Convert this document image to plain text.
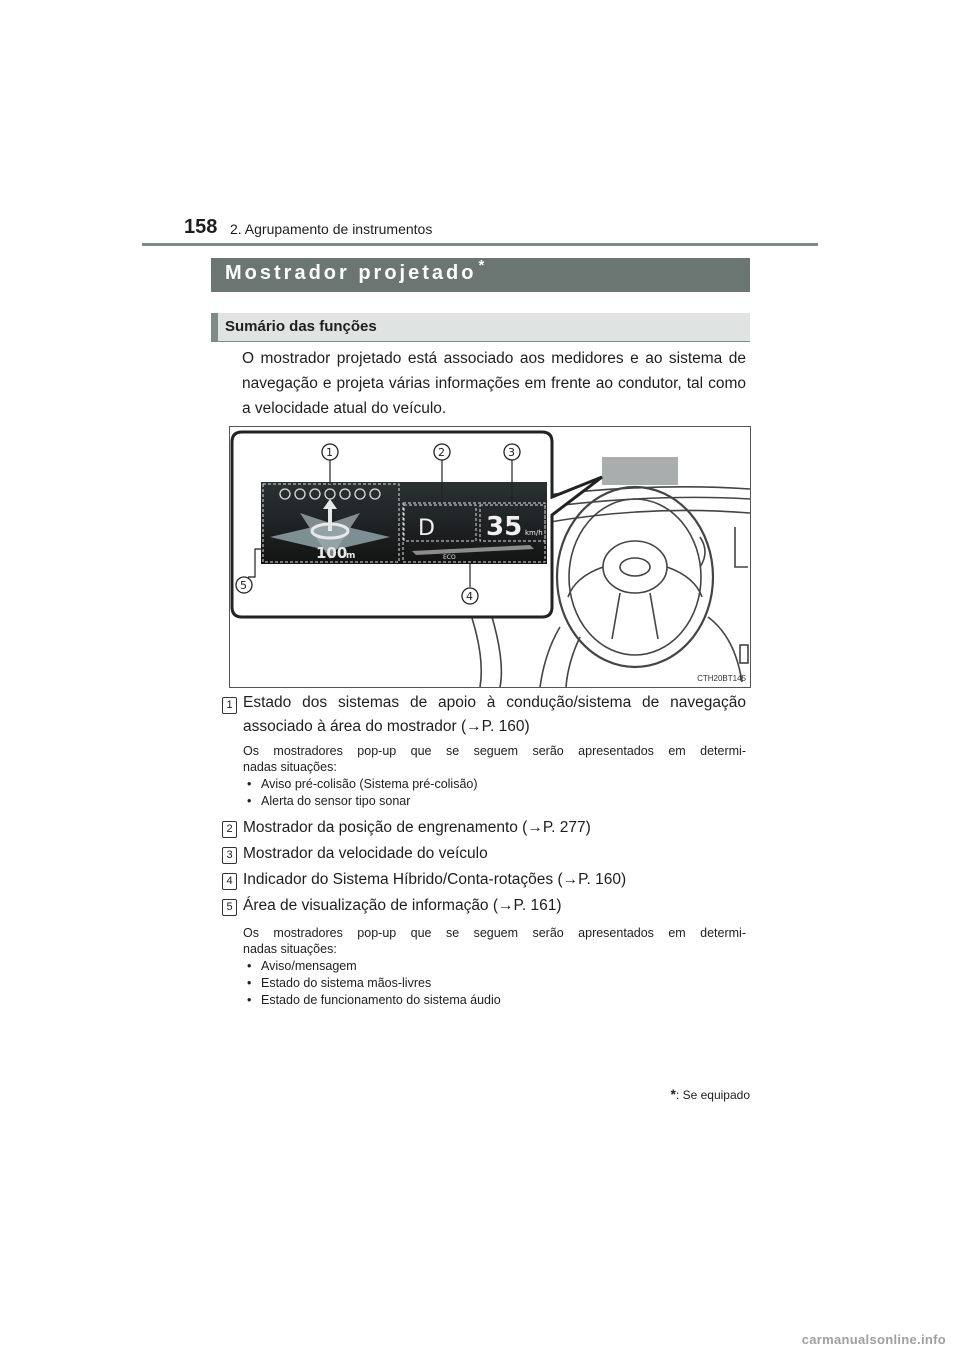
158 2. Agrupamento de instrumentos
Mostrador projetado *
Sumário das funções
O mostrador projetado está associado aos medidores e ao sistema de navegação e projeta várias informações em frente ao condutor, tal como a velocidade atual do veículo.
100
m
D 35 km/h
ECO
1	2	3
4
5
CTH20BT145
1 Estado dos sistemas de apoio à condução/sistema de navegação
associado à área do mostrador (→P. 160)
Os mostradores pop-up que se seguem serão apresentados em determi-
nadas situações:
• Aviso pré-colisão (Sistema pré-colisão)
• Alerta do sensor tipo sonar
2 Mostrador da posição de engrenamento (→P. 277)
3 Mostrador da velocidade do veículo
4 Indicador do Sistema Híbrido/Conta-rotações (→P. 160)
5 Área de visualização de informação (→P. 161)
Os mostradores pop-up que se seguem serão apresentados em determi-
nadas situações:
• Aviso/mensagem
• Estado do sistema mãos-livres
• Estado de funcionamento do sistema áudio
*: Se equipado
carmanualsonline.info
